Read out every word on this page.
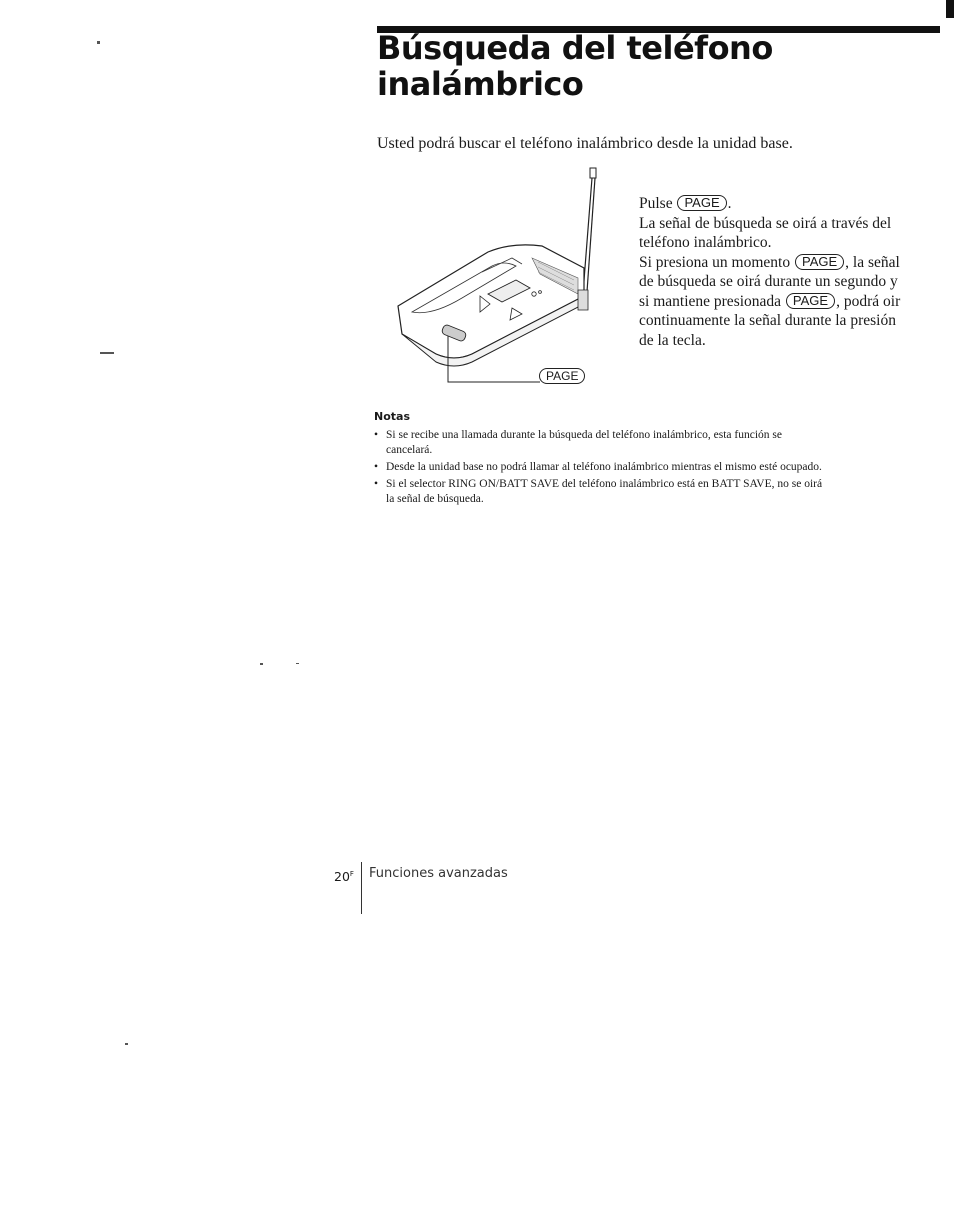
Búsqueda del teléfono inalámbrico

Usted podrá buscar el teléfono inalámbrico desde la unidad base.

PAGE

Pulse PAGE .

La señal de búsqueda se oirá a través del teléfono inalámbrico.

Si presiona un momento PAGE , la señal de búsqueda se oirá durante un segundo y si mantiene presionada PAGE , podrá oir continuamente la señal durante la presión de la tecla.

Notas
• Si se recibe una llamada durante la búsqueda del teléfono inalámbrico, esta función se cancelará.
• Desde la unidad base no podrá llamar al teléfono inalámbrico mientras el mismo esté ocupado.
• Si el selector RING ON/BATT SAVE del teléfono inalámbrico está en BATT SAVE, no se oirá la señal de búsqueda.
$20^F$ Funciones avanzadas
